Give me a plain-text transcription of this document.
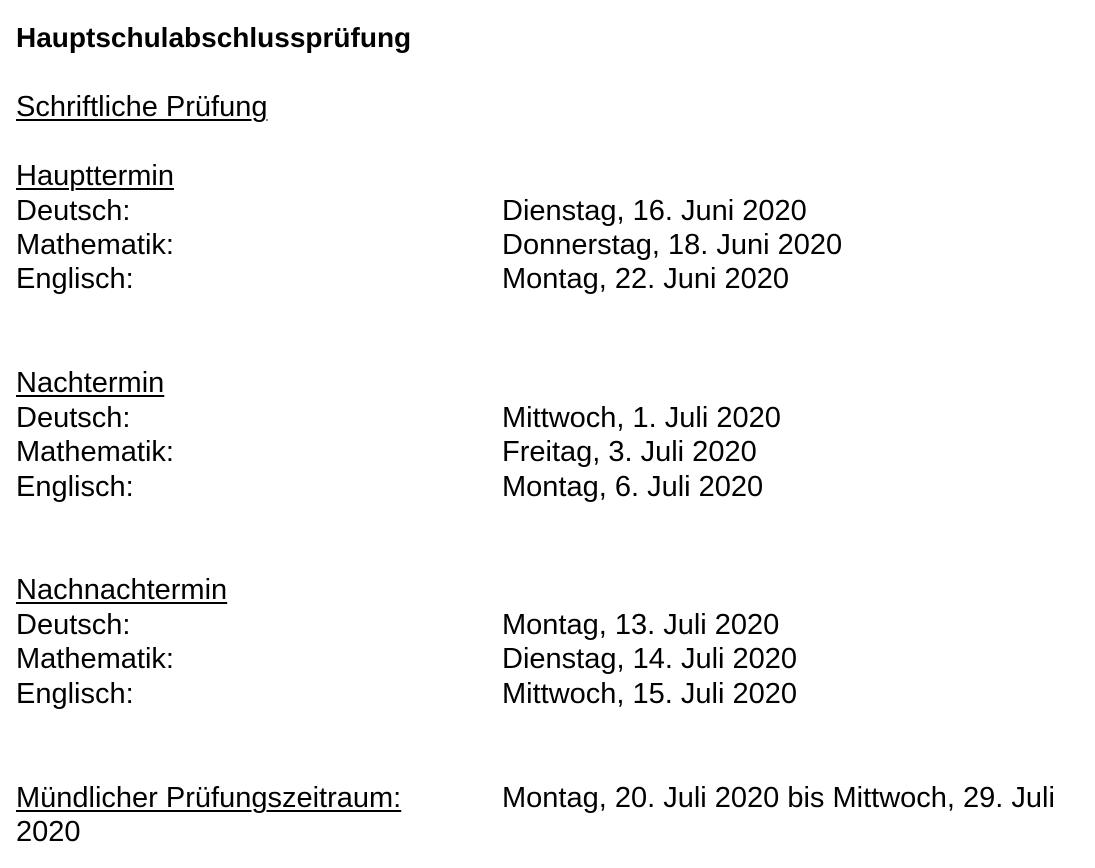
Hauptschulabschlussprüfung
Schriftliche Prüfung
Haupttermin
Deutsch:	Dienstag, 16. Juni 2020
Mathematik:	Donnerstag, 18. Juni 2020
Englisch:	Montag, 22. Juni 2020
Nachtermin
Deutsch:	Mittwoch, 1. Juli 2020
Mathematik:	Freitag, 3. Juli 2020
Englisch:	Montag, 6. Juli 2020
Nachnachtermin
Deutsch:	Montag, 13. Juli 2020
Mathematik:	Dienstag, 14. Juli 2020
Englisch:	Mittwoch, 15. Juli 2020
Mündlicher Prüfungszeitraum:	Montag, 20. Juli 2020 bis Mittwoch, 29. Juli
2020
